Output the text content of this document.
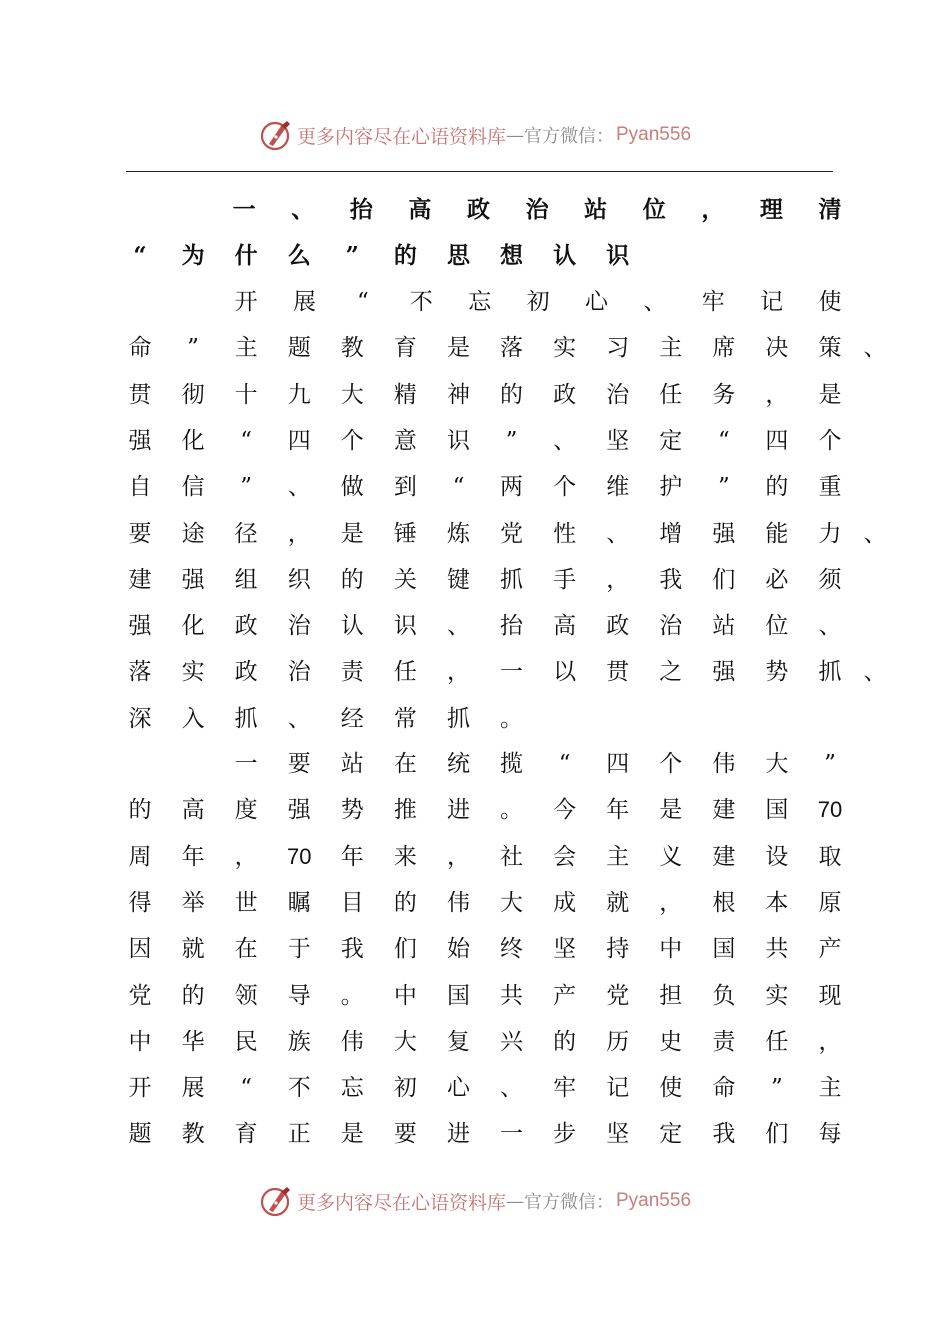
更多内容尽在心语资料库 — 官方微信： Pyan556
一	、	抬	高	政	治	站	位	，	理	清
“	为	什	么	”	的	思	想	认	识
开	展	“	不	忘	初	心	、	牢	记	使
命	”	主	题	教	育	是	落	实	习	主	席	决	策 、
贯	彻	十	九	大	精	神	的	政	治	任	务	，	是
强	化	“	四	个	意	识	”	、	坚	定	“	四	个
自	信	”	、	做	到	“	两	个	维	护	”	的	重
要	途	径	，	是	锤	炼	党	性	、	增	强	能	力 、
建	强	组	织	的	关	键	抓	手	，	我	们	必	须
强	化	政	治	认	识	、	抬	高	政	治	站	位	、
落	实	政	治	责	任	，	一	以	贯	之	强	势	抓 、
深	入	抓	、	经	常	抓	。
一	要	站	在	统	揽	“	四	个	伟	大	”
的	高	度	强	势	推	进	。	今	年	是	建	国	70
周	年	，	70	年	来	，	社	会	主	义	建	设	取
得	举	世	瞩	目	的	伟	大	成	就	，	根	本	原
因	就	在	于	我	们	始	终	坚	持	中	国	共	产
党	的	领	导	。	中	国	共	产	党	担	负	实	现
中	华	民	族	伟	大	复	兴	的	历	史	责	任	，
开	展	“	不	忘	初	心	、	牢	记	使	命	”	主
题	教	育	正	是	要	进	一	步	坚	定	我	们	每
更多内容尽在心语资料库 — 官方微信： Pyan556
